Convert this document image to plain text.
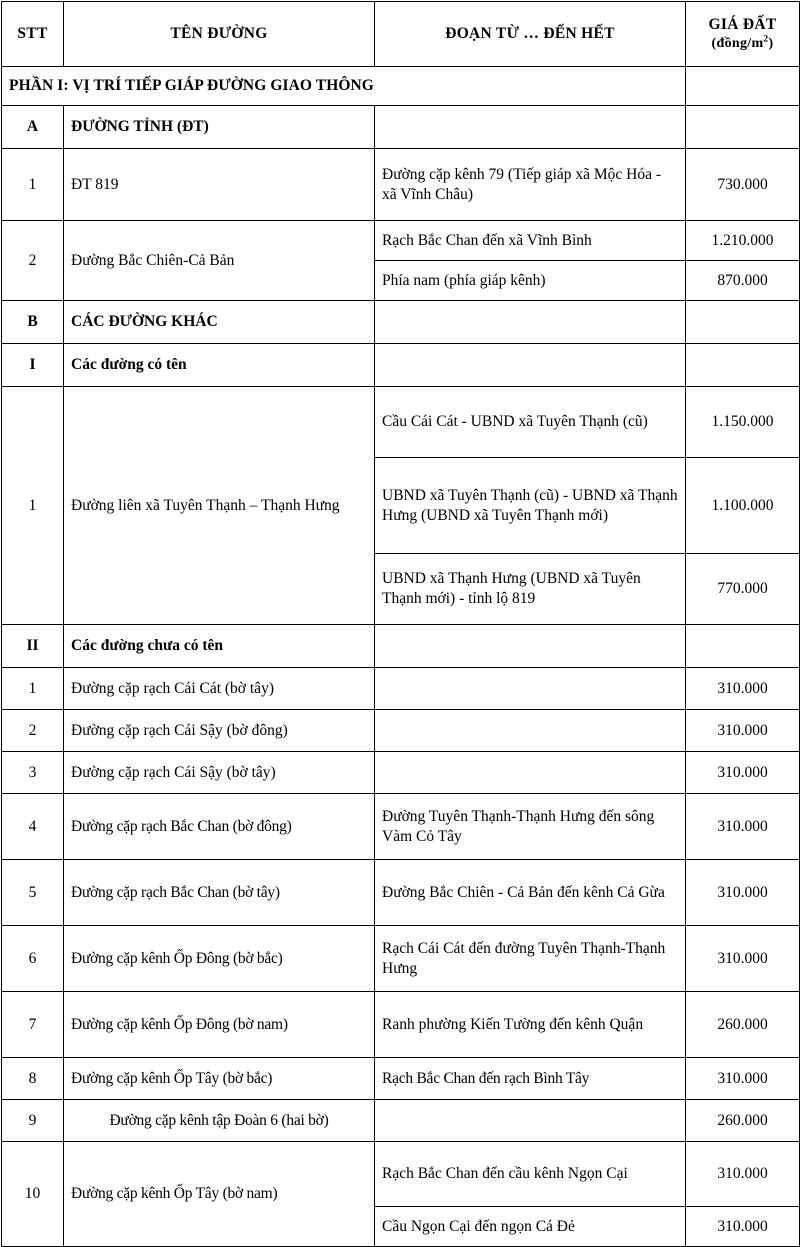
STT	TÊN ĐƯỜNG	ĐOẠN TỪ … ĐẾN HẾT	GIÁ ĐẤT
$(đồng/m^2)$

PHẦN I: VỊ TRÍ TIẾP GIÁP ĐƯỜNG GIAO THÔNG			
A	ĐƯỜNG TỈNH (ĐT)		
1	ĐT 819	Đường cặp kênh 79 (Tiếp giáp xã Mộc Hóa - xã Vĩnh Châu)	730.000
2	Đường Bắc Chiên-Cả Bản	Rạch Bắc Chan đến xã Vĩnh Bình	1.210.000
		Phía nam (phía giáp kênh)	870.000
B	CÁC ĐƯỜNG KHÁC		
I	Các đường có tên		
1	Đường liên xã Tuyên Thạnh – Thạnh Hưng	Cầu Cái Cát - UBND xã Tuyên Thạnh (cũ)	1.150.000
		UBND xã Tuyên Thạnh (cũ) - UBND xã Thạnh Hưng (UBND xã Tuyên Thạnh mới)	1.100.000
		UBND xã Thạnh Hưng (UBND xã Tuyên Thạnh mới) - tỉnh lộ 819	770.000
II	Các đường chưa có tên		
1	Đường cặp rạch Cái Cát (bờ tây)		310.000
2	Đường cặp rạch Cái Sậy (bờ đông)		310.000
3	Đường cặp rạch Cái Sậy (bờ tây)		310.000
4	Đường cặp rạch Bắc Chan (bờ đông)	Đường Tuyên Thạnh-Thạnh Hưng đến sông Vàm Cỏ Tây	310.000
5	Đường cặp rạch Bắc Chan (bờ tây)	Đường Bắc Chiên - Cả Bản đến kênh Cả Gừa	310.000
6	Đường cặp kênh Ốp Đông (bờ bắc)	Rạch Cái Cát đến đường Tuyên Thạnh-Thạnh Hưng	310.000
7	Đường cặp kênh Ốp Đông (bờ nam)	Ranh phường Kiến Tường đến kênh Quận	260.000
8	Đường cặp kênh Ốp Tây (bờ bắc)	Rạch Bắc Chan đến rạch Bình Tây	310.000
9	Đường cặp kênh tập Đoàn 6 (hai bờ)		260.000
10	Đường cặp kênh Ốp Tây (bờ nam)	Rạch Bắc Chan đến cầu kênh Ngọn Cại	310.000
		Cầu Ngọn Cại đến ngọn Cá Đẻ	310.000
